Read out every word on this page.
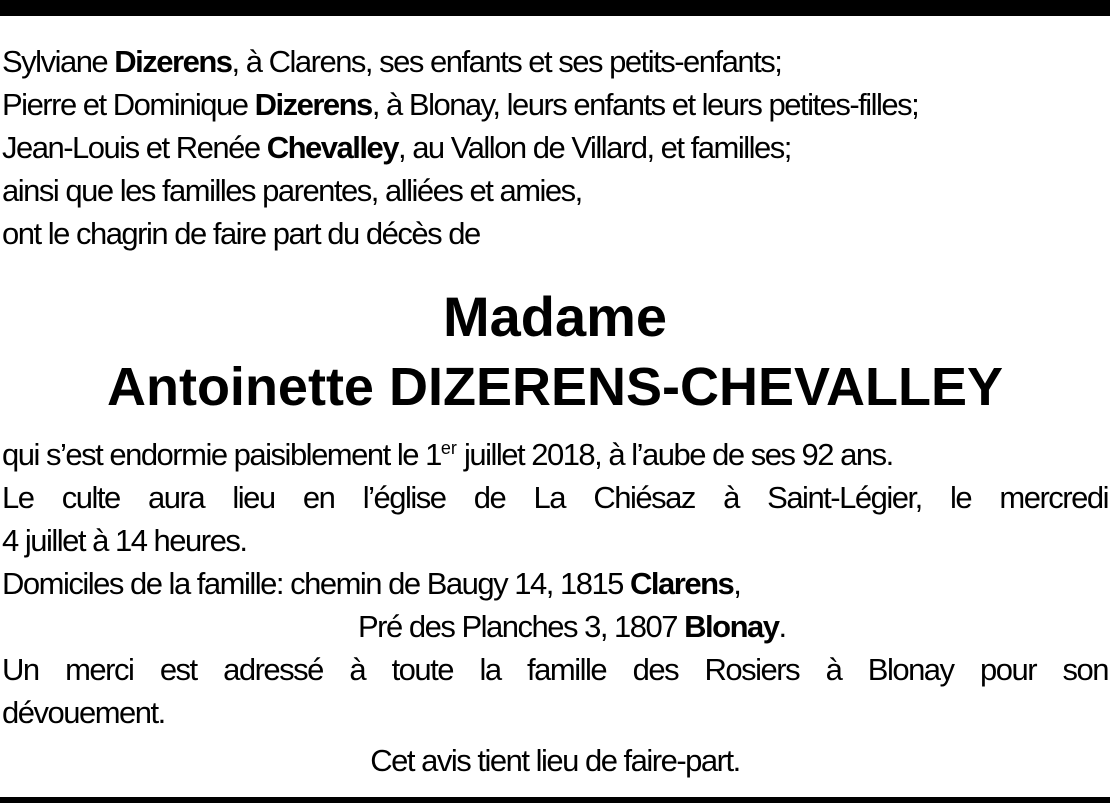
Sylviane Dizerens, à Clarens, ses enfants et ses petits-enfants;
Pierre et Dominique Dizerens, à Blonay, leurs enfants et leurs petites-filles;
Jean-Louis et Renée Chevalley, au Vallon de Villard, et familles;
ainsi que les familles parentes, alliées et amies,
ont le chagrin de faire part du décès de
Madame
Antoinette DIZERENS-CHEVALLEY
qui s’est endormie paisiblement le 1er juillet 2018, à l’aube de ses 92 ans.
Le culte aura lieu en l’église de La Chiésaz à Saint-Légier, le mercredi
4 juillet à 14 heures.
Domiciles de la famille: chemin de Baugy 14, 1815 Clarens,
Pré des Planches 3, 1807 Blonay.
Un merci est adressé à toute la famille des Rosiers à Blonay pour son
dévouement.
Cet avis tient lieu de faire-part.
